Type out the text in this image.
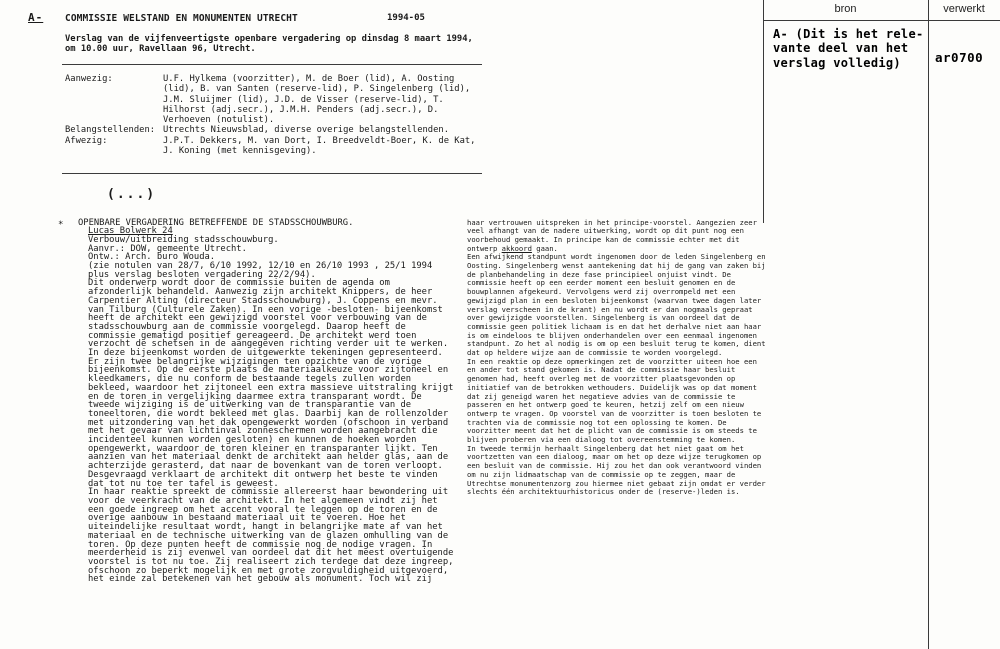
A- COMMISSIE WELSTAND EN MONUMENTEN UTRECHT	1994-05
Verslag van de vijfenveertigste openbare vergadering op dinsdag 8 maart 1994,
om 10.00 uur, Ravellaan 96, Utrecht.
Aanwezig:	U.F. Hylkema (voorzitter), M. de Boer (lid), A. Oosting
(lid), B. van Santen (reserve-lid), P. Singelenberg (lid),
J.M. Sluijmer (lid), J.D. de Visser (reserve-lid), T.
Hilhorst (adj.secr.), J.M.H. Penders (adj.secr.), D.
Verhoeven (notulist).
Belangstellenden: Utrechts Nieuwsblad, diverse overige belangstellenden.
Afwezig:	J.P.T. Dekkers, M. van Dort, I. Breedveldt-Boer, K. de Kat,
J. Koning (met kennisgeving).
(...)
* OPENBARE VERGADERING BETREFFENDE DE STADSSCHOUWBURG.
Lucas Bolwerk 24
Verbouw/uitbreiding stadsschouwburg.
Aanvr.: DOW, gemeente Utrecht.
Ontw.: Arch. buro Wouda.
(zie notulen van 28/7, 6/10 1992, 12/10 en 26/10 1993 , 25/1 1994
plus verslag besloten vergadering 22/2/94).
Dit onderwerp wordt door de commissie buiten de agenda om
afzonderlijk behandeld. Aanwezig zijn architekt Knippers, de heer
Carpentier Alting (directeur Stadsschouwburg), J. Coppens en mevr.
van Tilburg (Culturele Zaken). In een vorige -besloten- bijeenkomst
heeft de architekt een gewijzigd voorstel voor verbouwing van de
stadsschouwburg aan de commissie voorgelegd. Daarop heeft de
commissie gematigd positief gereageerd. De architekt werd toen
verzocht de schetsen in de aangegeven richting verder uit te werken.
In deze bijeenkomst worden de uitgewerkte tekeningen gepresenteerd.
Er zijn twee belangrijke wijzigingen ten opzichte van de vorige
bijeenkomst. Op de eerste plaats de materiaalkeuze voor zijtoneel en
kleedkamers, die nu conform de bestaande tegels zullen worden
bekleed, waardoor het zijtoneel een extra massieve uitstraling krijgt
en de toren in vergelijking daarmee extra transparant wordt. De
tweede wijziging is de uitwerking van de transparantie van de
toneeltoren, die wordt bekleed met glas. Daarbij kan de rollenzolder
met uitzondering van het dak opengewerkt worden (ofschoon in verband
met het gevaar van lichtinval zonneschermen worden aangebracht die
incidenteel kunnen worden gesloten) en kunnen de hoeken worden
opengewerkt, waardoor de toren kleiner en transparanter lijkt. Ten
aanzien van het materiaal denkt de architekt aan helder glas, aan de
achterzijde gerasterd, dat naar de bovenkant van de toren verloopt.
Desgevraagd verklaart de architekt dit ontwerp het beste te vinden
dat tot nu toe ter tafel is geweest.
In haar reaktie spreekt de commissie allereerst haar bewondering uit
voor de veerkracht van de architekt. In het algemeen vindt zij het
een goede ingreep om het accent vooral te leggen op de toren en de
overige aanbouw in bestaand materiaal uit te voeren. Hoe het
uiteindelijke resultaat wordt, hangt in belangrijke mate af van het
materiaal en de technische uitwerking van de glazen omhulling van de
toren. Op deze punten heeft de commissie nog de nodige vragen. In
meerderheid is zij evenwel van oordeel dat dit het meest overtuigende
voorstel is tot nu toe. Zij realiseert zich terdege dat deze ingreep,
ofschoon zo beperkt mogelijk en met grote zorgvuldigheid uitgevoerd,
het einde zal betekenen van het gebouw als monument. Toch wil zij
haar vertrouwen uitspreken in het principe-voorstel. Aangezien zeer
veel afhangt van de nadere uitwerking, wordt op dit punt nog een
voorbehoud gemaakt. In principe kan de commissie echter met dit
ontwerp akkoord gaan.
Een afwijkend standpunt wordt ingenomen door de leden Singelenberg en
Oosting. Singelenberg wenst aantekening dat hij de gang van zaken bij
de planbehandeling in deze fase principieel onjuist vindt. De
commissie heeft op een eerder moment een besluit genomen en de
bouwplannen afgekeurd. Vervolgens werd zij overrompeld met een
gewijzigd plan in een besloten bijeenkomst (waarvan twee dagen later
verslag verscheen in de krant) en nu wordt er dan nogmaals gepraat
over gewijzigde voorstellen. Singelenberg is van oordeel dat de
commissie geen politiek lichaam is en dat het derhalve niet aan haar
is om eindeloos te blijven onderhandelen over een eenmaal ingenomen
standpunt. Zo het al nodig is om op een besluit terug te komen, dient
dat op heldere wijze aan de commissie te worden voorgelegd.
In een reaktie op deze opmerkingen zet de voorzitter uiteen hoe een
en ander tot stand gekomen is. Nadat de commissie haar besluit
genomen had, heeft overleg met de voorzitter plaatsgevonden op
initiatief van de betrokken wethouders. Duidelijk was op dat moment
dat zij geneigd waren het negatieve advies van de commissie te
passeren en het ontwerp goed te keuren, hetzij zelf om een nieuw
ontwerp te vragen. Op voorstel van de voorzitter is toen besloten te
trachten via de commissie nog tot een oplossing te komen. De
voorzitter meent dat het de plicht van de commissie is om steeds te
blijven proberen via een dialoog tot overeenstemming te komen.
In tweede termijn herhaalt Singelenberg dat het niet gaat om het
voortzetten van een dialoog, maar om het op deze wijze terugkomen op
een besluit van de commissie. Hij zou het dan ook verantwoord vinden
om nu zijn lidmaatschap van de commissie op te zeggen, maar de
Utrechtse monumentenzorg zou hiermee niet gebaat zijn omdat er verder
slechts één architektuurhistoricus onder de (reserve-)leden is.
bron	verwerkt
A- (Dit is het rele-
vante deel van het
verslag volledig)	ar0700
